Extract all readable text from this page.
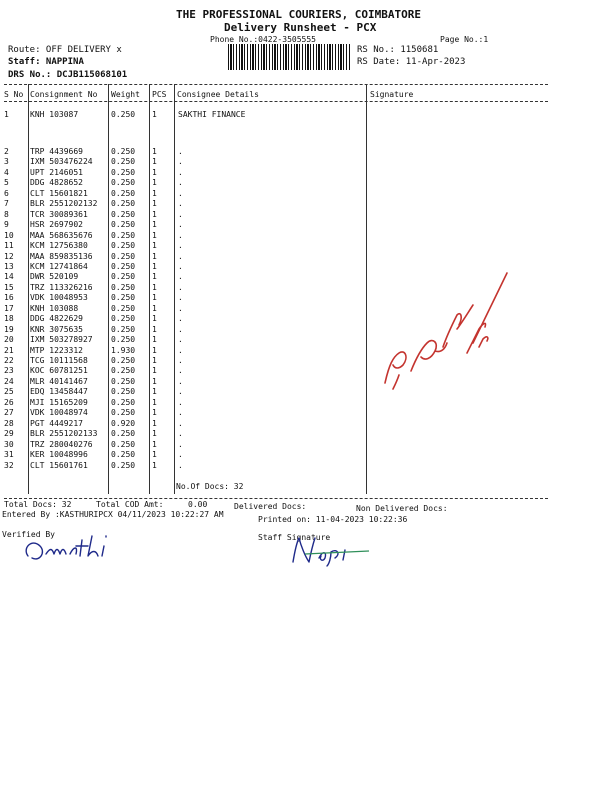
THE PROFESSIONAL COURIERS, COIMBATORE
Delivery Runsheet - PCX
Phone No.:0422-3505555	Page No.:1
Route: OFF DELIVERY x
Staff: NAPPINA
DRS No.: DCJB115068101
RS No.: 1150681
RS Date: 11-Apr-2023
S No Consignment No Weight PCS Consignee Details	Signature
1	KNH 103087	0.250 1	SAKTHI FINANCE
2	TRP 4439669	0.250 1	.
3	IXM 503476224 0.250 1	.
4	UPT 2146051	0.250 1	.
5	DDG 4828652	0.250 1	.
6	CLT 15601821	0.250 1	.
7	BLR 2551202132 0.250 1	.
8	TCR 30089361	0.250 1	.
9	HSR 2697902	0.250 1	.
10 MAA 568635676 0.250 1	.
11 KCM 12756380	0.250 1	.
12 MAA 859835136 0.250 1	.
13 KCM 12741864	0.250 1	.
14 DWR 520109	0.250 1	.
15 TRZ 113326216 0.250 1	.
16 VDK 10048953	0.250 1	.
17 KNH 103088	0.250 1	.
18 DDG 4822629	0.250 1	.
19 KNR 3075635	0.250 1	.
20 IXM 503278927 0.250 1	.
21 MTP 1223312	1.930 1	.
22 TCG 10111568	0.250 1	.
23 KOC 60781251	0.250 1	.
24 MLR 40141467	0.250 1	.
25 EDQ 13458447	0.250 1	.
26 MJI 15165209	0.250 1	.
27 VDK 10048974	0.250 1	.
28 PGT 4449217	0.920 1	.
29 BLR 2551202133 0.250 1	.
30 TRZ 280040276 0.250 1	.
31 KER 10048996	0.250 1	.
32 CLT 15601761	0.250 1	.
No.Of Docs: 32
Total Docs: 32	Total COD Amt:	0.00	Delivered Docs:	Non Delivered Docs:
Entered By :KASTHURIPCX 04/11/2023 10:22:27 AM
Printed on: 11-04-2023 10:22:36
Verified By	Staff Signature
